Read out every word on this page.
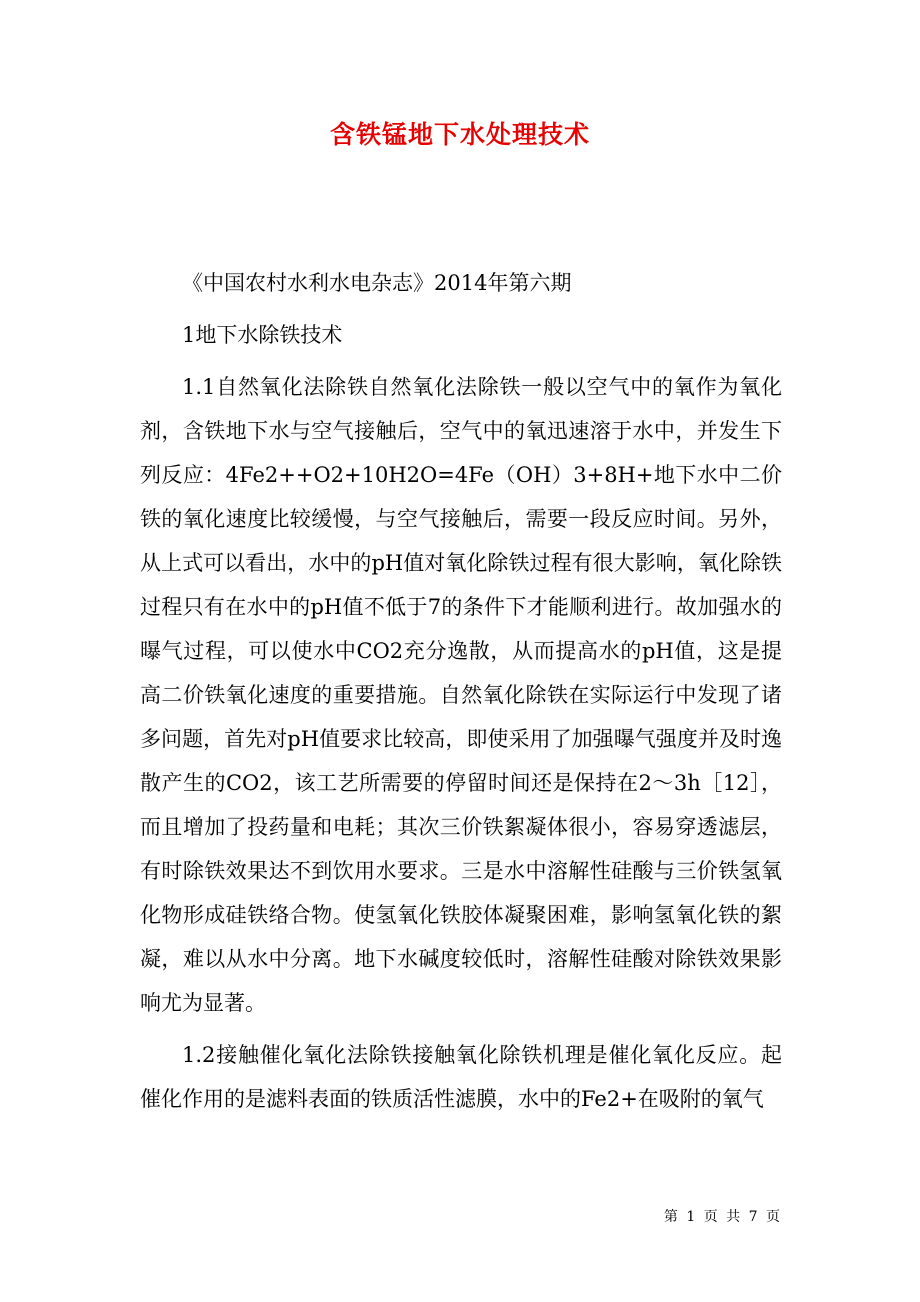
含铁锰地下水处理技术

《中国农村水利水电杂志》2014年第六期

1地下水除铁技术

1.1自然氧化法除铁自然氧化法除铁一般以空气中的氧作为氧化剂，含铁地下水与空气接触后，空气中的氧迅速溶于水中，并发生下列反应：4Fe2++O2+10H2O=4Fe（OH）3+8H+地下水中二价铁的氧化速度比较缓慢，与空气接触后，需要一段反应时间。另外，从上式可以看出，水中的pH值对氧化除铁过程有很大影响，氧化除铁过程只有在水中的pH值不低于7的条件下才能顺利进行。故加强水的曝气过程，可以使水中CO2充分逸散，从而提高水的pH值，这是提高二价铁氧化速度的重要措施。自然氧化除铁在实际运行中发现了诸多问题，首先对pH值要求比较高，即使采用了加强曝气强度并及时逸散产生的CO2，该工艺所需要的停留时间还是保持在2～3h［12］，而且增加了投药量和电耗；其次三价铁絮凝体很小，容易穿透滤层，有时除铁效果达不到饮用水要求。三是水中溶解性硅酸与三价铁氢氧化物形成硅铁络合物。使氢氧化铁胶体凝聚困难，影响氢氧化铁的絮凝，难以从水中分离。地下水碱度较低时，溶解性硅酸对除铁效果影响尤为显著。

1.2接触催化氧化法除铁接触氧化除铁机理是催化氧化反应。起催化作用的是滤料表面的铁质活性滤膜，水中的Fe2+在吸附的氧气

第 1 页 共 7 页
